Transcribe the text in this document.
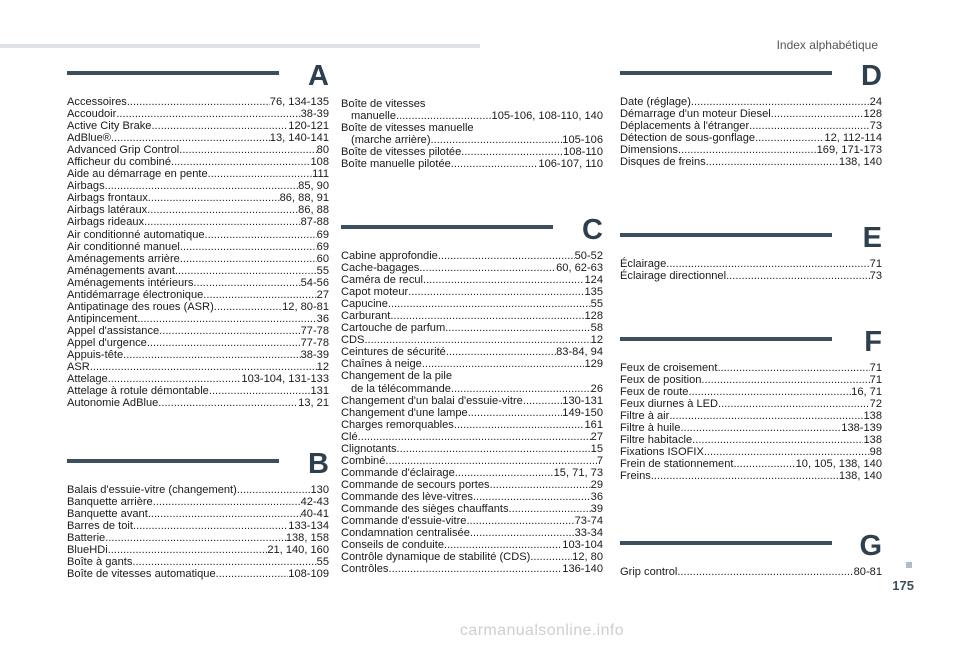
Index alphabétique
A
Accessoires .....	76, 134-135
Accoudoir .....	38-39
Active City Brake .....	120-121
AdBlue® .....	13, 140-141
Advanced Grip Control .....	80
Afficheur du combiné .....	108
Aide au démarrage en pente .....	111
Airbags .....	85, 90
Airbags frontaux .....	86, 88, 91
Airbags latéraux .....	86, 88
Airbags rideaux .....	87-88
Air conditionné automatique .....	69
Air conditionné manuel .....	69
Aménagements arrière .....	60
Aménagements avant .....	55
Aménagements intérieurs .....	54-56
Antidémarrage électronique .....	27
Antipatinage des roues (ASR) .....	12, 80-81
Antipincement .....	36
Appel d'assistance .....	77-78
Appel d'urgence .....	77-78
Appuis-tête .....	38-39
ASR .....	12
Attelage .....	103-104, 131-133
Attelage à rotule démontable .....	131
Autonomie AdBlue .....	13, 21
B
Balais d'essuie-vitre (changement) .....	130
Banquette arrière .....	42-43
Banquette avant .....	40-41
Barres de toit .....	133-134
Batterie .....	138, 158
BlueHDi .....	21, 140, 160
Boîte à gants .....	55
Boîte de vitesses automatique .....	108-109
Boîte de vitesses
manuelle .....	105-106, 108-110, 140
Boîte de vitesses manuelle
(marche arrière) .....	105-106
Boîte de vitesses pilotée .....	108-110
Boîte manuelle pilotée .....	106-107, 110
C
Cabine approfondie .....	50-52
Cache-bagages .....	60, 62-63
Caméra de recul .....	124
Capot moteur .....	135
Capucine .....	55
Carburant .....	128
Cartouche de parfum .....	58
CDS .....	12
Ceintures de sécurité .....	83-84, 94
Chaînes à neige .....	129
Changement de la pile
de la télécommande .....	26
Changement d'un balai d'essuie-vitre .....	130-131
Changement d'une lampe .....	149-150
Charges remorquables .....	161
Clé .....	27
Clignotants .....	15
Combiné .....	7
Commande d'éclairage .....	15, 71, 73
Commande de secours portes .....	29
Commande des lève-vitres .....	36
Commande des sièges chauffants .....	39
Commande d'essuie-vitre .....	73-74
Condamnation centralisée .....	33-34
Conseils de conduite .....	103-104
Contrôle dynamique de stabilité (CDS) .....	12, 80
Contrôles .....	136-140
D
Date (réglage) .....	24
Démarrage d'un moteur Diesel .....	128
Déplacements à l'étranger .....	73
Détection de sous-gonflage .....	12, 112-114
Dimensions .....	169, 171-173
Disques de freins .....	138, 140
E
Éclairage .....	71
Éclairage directionnel .....	73
F
Feux de croisement .....	71
Feux de position .....	71
Feux de route .....	16, 71
Feux diurnes à LED .....	72
Filtre à air .....	138
Filtre à huile .....	138-139
Filtre habitacle .....	138
Fixations ISOFIX .....	98
Frein de stationnement .....	10, 105, 138, 140
Freins .....	138, 140
G
Grip control .....	80-81
175
carmanualsonline.info
